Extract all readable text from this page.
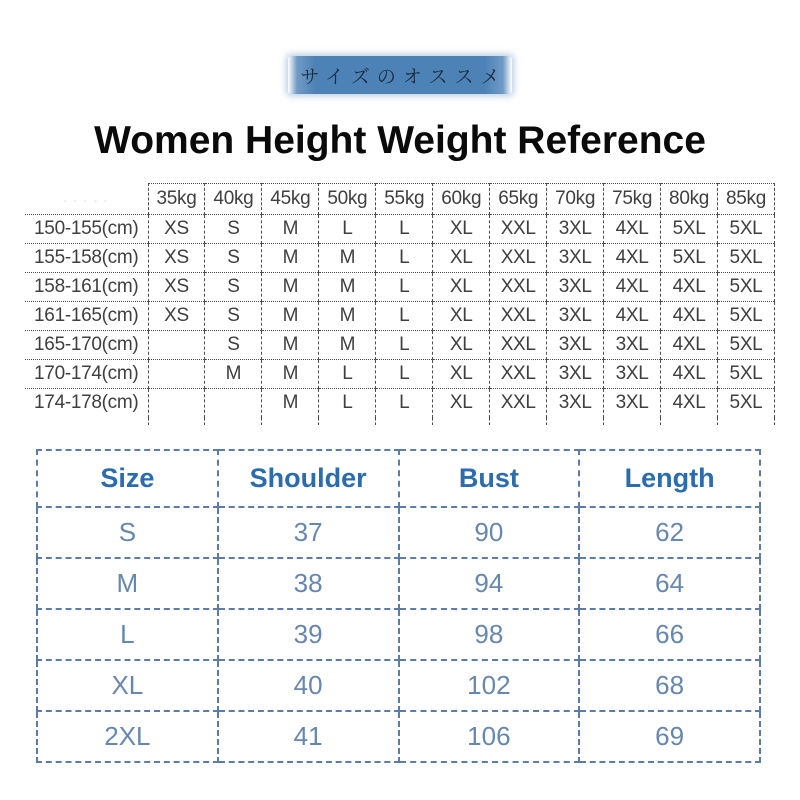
サイズのオススメ
Women Height Weight Reference
- - - - -	35kg	40kg	45kg	50kg	55kg	60kg	65kg	70kg	75kg	80kg	85kg
150-155(cm)	XS	S	M	L	L	XL	XXL	3XL	4XL	5XL	5XL
155-158(cm)	XS	S	M	M	L	XL	XXL	3XL	4XL	5XL	5XL
158-161(cm)	XS	S	M	M	L	XL	XXL	3XL	4XL	4XL	5XL
161-165(cm)	XS	S	M	M	L	XL	XXL	3XL	4XL	4XL	5XL
165-170(cm)		S	M	M	L	XL	XXL	3XL	3XL	4XL	5XL
170-174(cm)		M	M	L	L	XL	XXL	3XL	3XL	4XL	5XL
174-178(cm)			M	L	L	XL	XXL	3XL	3XL	4XL	5XL

Size	Shoulder	Bust	Length
S	37	90	62
M	38	94	64
L	39	98	66
XL	40	102	68
2XL	41	106	69
